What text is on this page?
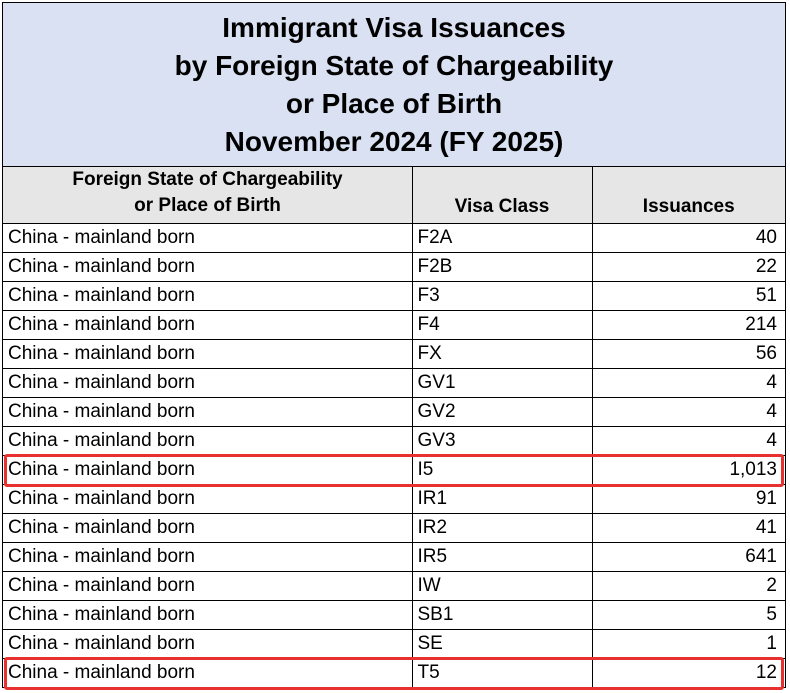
Immigrant Visa Issuances
by Foreign State of Chargeability
or Place of Birth
November 2024 (FY 2025)
Foreign State of Chargeability
or Place of Birth	Visa Class	Issuances

China - mainland born	F2A	40
China - mainland born	F2B	22
China - mainland born	F3	51
China - mainland born	F4	214
China - mainland born	FX	56
China - mainland born	GV1	4
China - mainland born	GV2	4
China - mainland born	GV3	4
China - mainland born	I5	1,013
China - mainland born	IR1	91
China - mainland born	IR2	41
China - mainland born	IR5	641
China - mainland born	IW	2
China - mainland born	SB1	5
China - mainland born	SE	1
China - mainland born	T5	12
